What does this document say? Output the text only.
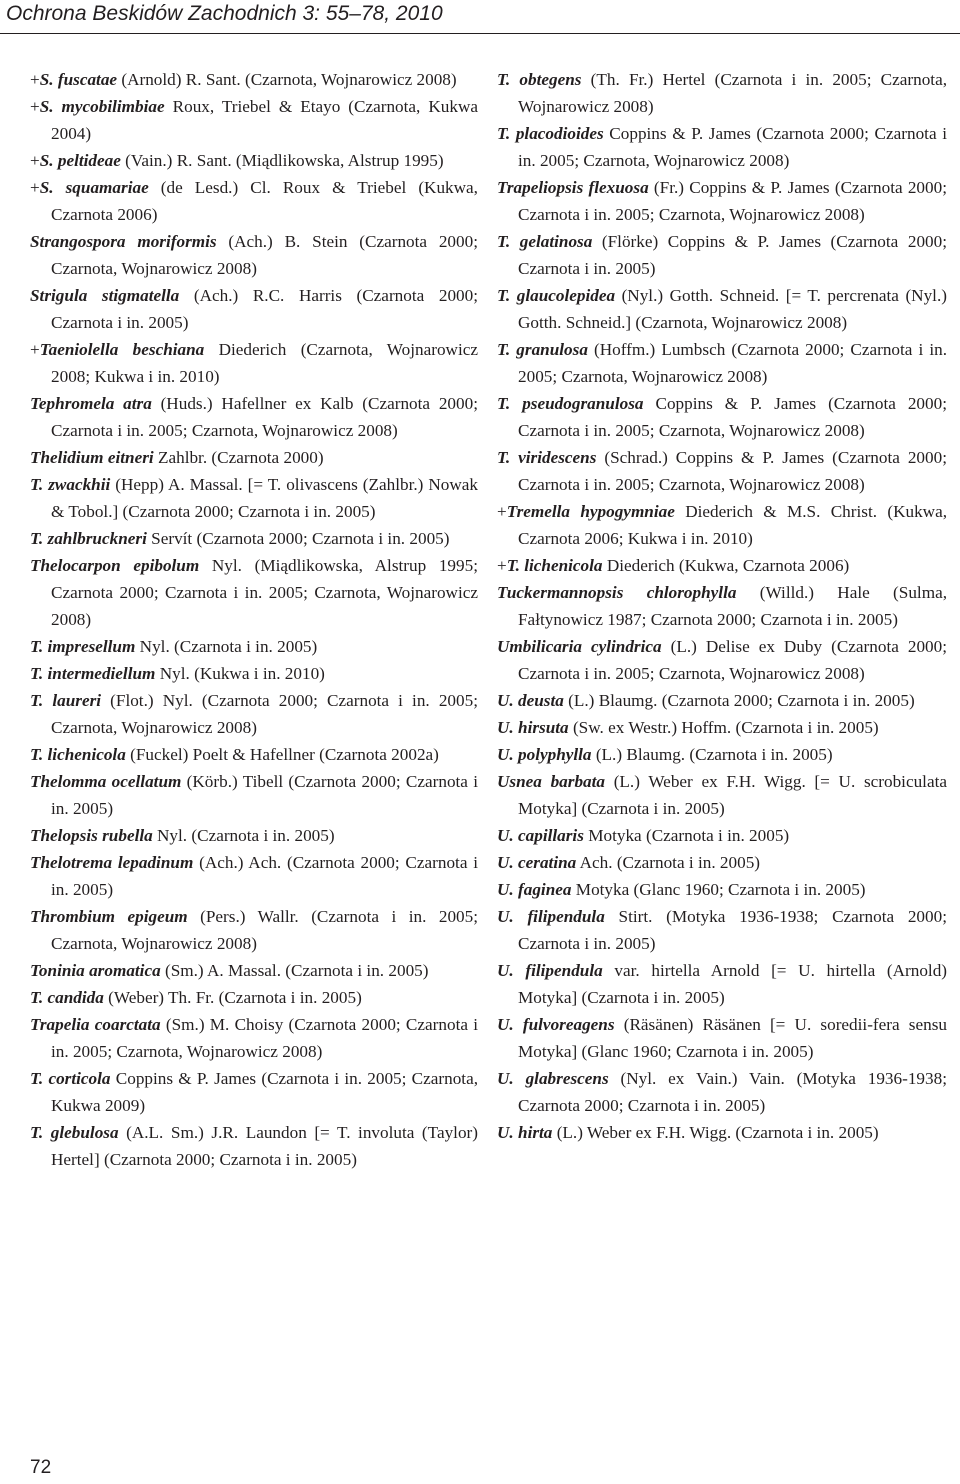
Ochrona Beskidów Zachodnich 3: 55–78, 2010

+S. fuscatae (Arnold) R. Sant. (Czarnota, Wojnarowicz 2008)

+S. mycobilimbiae Roux, Triebel & Etayo (Czarnota, Kukwa 2004)

+S. peltideae (Vain.) R. Sant. (Miądlikowska, Alstrup 1995)

+S. squamariae (de Lesd.) Cl. Roux & Triebel (Kukwa, Czarnota 2006)

Strangospora moriformis (Ach.) B. Stein (Czarnota 2000; Czarnota, Wojnarowicz 2008)

Strigula stigmatella (Ach.) R.C. Harris (Czarnota 2000; Czarnota i in. 2005)

+Taeniolella beschiana Diederich (Czarnota, Wojnarowicz 2008; Kukwa i in. 2010)

Tephromela atra (Huds.) Hafellner ex Kalb (Czarnota 2000; Czarnota i in. 2005; Czarnota, Wojnarowicz 2008)

Thelidium eitneri Zahlbr. (Czarnota 2000)

T. zwackhii (Hepp) A. Massal. [= T. olivascens (Zahlbr.) Nowak & Tobol.] (Czarnota 2000; Czarnota i in. 2005)

T. zahlbruckneri Servít (Czarnota 2000; Czarnota i in. 2005)

Thelocarpon epibolum Nyl. (Miądlikowska, Alstrup 1995; Czarnota 2000; Czarnota i in. 2005; Czarnota, Wojnarowicz 2008)

T. impresellum Nyl. (Czarnota i in. 2005)

T. intermediellum Nyl. (Kukwa i in. 2010)

T. laureri (Flot.) Nyl. (Czarnota 2000; Czarnota i in. 2005; Czarnota, Wojnarowicz 2008)

T. lichenicola (Fuckel) Poelt & Hafellner (Czarnota 2002a)

Thelomma ocellatum (Körb.) Tibell (Czarnota 2000; Czarnota i in. 2005)

Thelopsis rubella Nyl. (Czarnota i in. 2005)

Thelotrema lepadinum (Ach.) Ach. (Czarnota 2000; Czarnota i in. 2005)

Thrombium epigeum (Pers.) Wallr. (Czarnota i in. 2005; Czarnota, Wojnarowicz 2008)

Toninia aromatica (Sm.) A. Massal. (Czarnota i in. 2005)

T. candida (Weber) Th. Fr. (Czarnota i in. 2005)

Trapelia coarctata (Sm.) M. Choisy (Czarnota 2000; Czarnota i in. 2005; Czarnota, Wojnarowicz 2008)

T. corticola Coppins & P. James (Czarnota i in. 2005; Czarnota, Kukwa 2009)

T. glebulosa (A.L. Sm.) J.R. Laundon [= T. involuta (Taylor) Hertel] (Czarnota 2000; Czarnota i in. 2005)

T. obtegens (Th. Fr.) Hertel (Czarnota i in. 2005; Czarnota, Wojnarowicz 2008)

T. placodioides Coppins & P. James (Czarnota 2000; Czarnota i in. 2005; Czarnota, Wojnarowicz 2008)

Trapeliopsis flexuosa (Fr.) Coppins & P. James (Czarnota 2000; Czarnota i in. 2005; Czarnota, Wojnarowicz 2008)

T. gelatinosa (Flörke) Coppins & P. James (Czarnota 2000; Czarnota i in. 2005)

T. glaucolepidea (Nyl.) Gotth. Schneid. [= T. percrenata (Nyl.) Gotth. Schneid.] (Czarnota, Wojnarowicz 2008)

T. granulosa (Hoffm.) Lumbsch (Czarnota 2000; Czarnota i in. 2005; Czarnota, Wojnarowicz 2008)

T. pseudogranulosa Coppins & P. James (Czarnota 2000; Czarnota i in. 2005; Czarnota, Wojnarowicz 2008)

T. viridescens (Schrad.) Coppins & P. James (Czarnota 2000; Czarnota i in. 2005; Czarnota, Wojnarowicz 2008)

+Tremella hypogymniae Diederich & M.S. Christ. (Kukwa, Czarnota 2006; Kukwa i in. 2010)

+T. lichenicola Diederich (Kukwa, Czarnota 2006)

Tuckermannopsis chlorophylla (Willd.) Hale (Sulma, Fałtynowicz 1987; Czarnota 2000; Czarnota i in. 2005)

Umbilicaria cylindrica (L.) Delise ex Duby (Czarnota 2000; Czarnota i in. 2005; Czarnota, Wojnarowicz 2008)

U. deusta (L.) Blaumg. (Czarnota 2000; Czarnota i in. 2005)

U. hirsuta (Sw. ex Westr.) Hoffm. (Czarnota i in. 2005)

U. polyphylla (L.) Blaumg. (Czarnota i in. 2005)

Usnea barbata (L.) Weber ex F.H. Wigg. [= U. scrobiculata Motyka] (Czarnota i in. 2005)

U. capillaris Motyka (Czarnota i in. 2005)

U. ceratina Ach. (Czarnota i in. 2005)

U. faginea Motyka (Glanc 1960; Czarnota i in. 2005)

U. filipendula Stirt. (Motyka 1936-1938; Czarnota 2000; Czarnota i in. 2005)

U. filipendula var. hirtella Arnold [= U. hirtella (Arnold) Motyka] (Czarnota i in. 2005)

U. fulvoreagens (Räsänen) Räsänen [= U. soredii-fera sensu Motyka] (Glanc 1960; Czarnota i in. 2005)

U. glabrescens (Nyl. ex Vain.) Vain. (Motyka 1936-1938; Czarnota 2000; Czarnota i in. 2005)

U. hirta (L.) Weber ex F.H. Wigg. (Czarnota i in. 2005)

72
